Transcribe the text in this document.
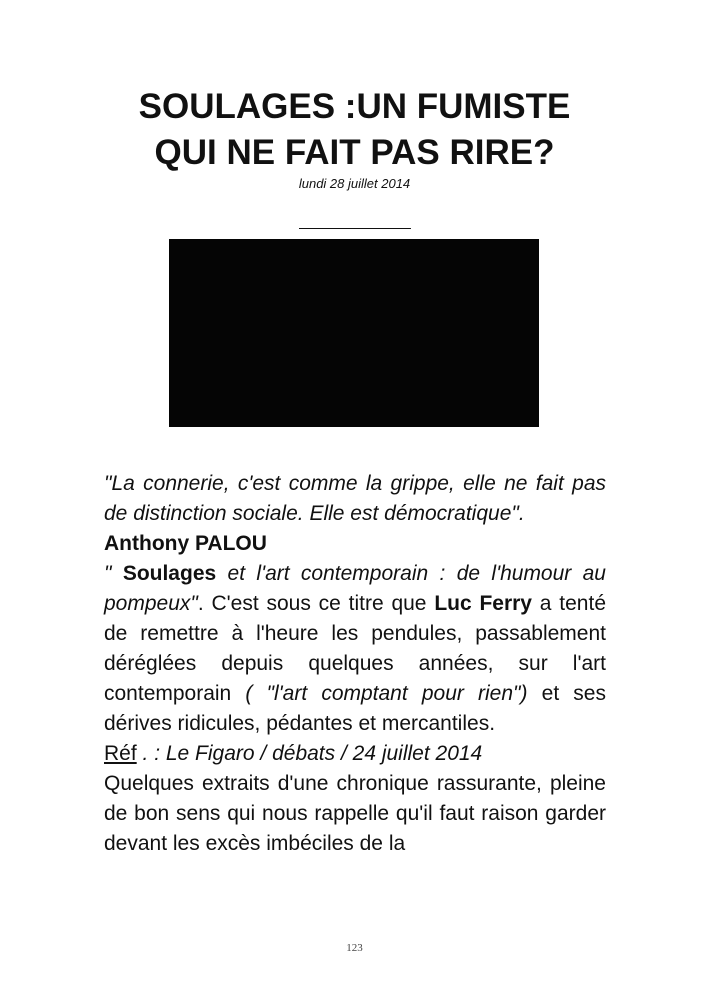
SOULAGES :UN FUMISTE
QUI NE FAIT PAS RIRE?
lundi 28 juillet 2014
______________

"La connerie, c'est comme la grippe, elle ne fait pas de distinction sociale. Elle est démocratique".

Anthony PALOU

" Soulages et l'art contemporain : de l'humour au pompeux". C'est sous ce titre que Luc Ferry a tenté de remettre à l'heure les pendules, passablement déréglées depuis quelques années, sur l'art contemporain ( "l'art comptant pour rien") et ses dérives ridicules, pédantes et mercantiles.

Réf . : Le Figaro / débats / 24 juillet 2014

Quelques extraits d'une chronique rassurante, pleine de bon sens qui nous rappelle qu'il faut raison garder devant les excès imbéciles de la

123
